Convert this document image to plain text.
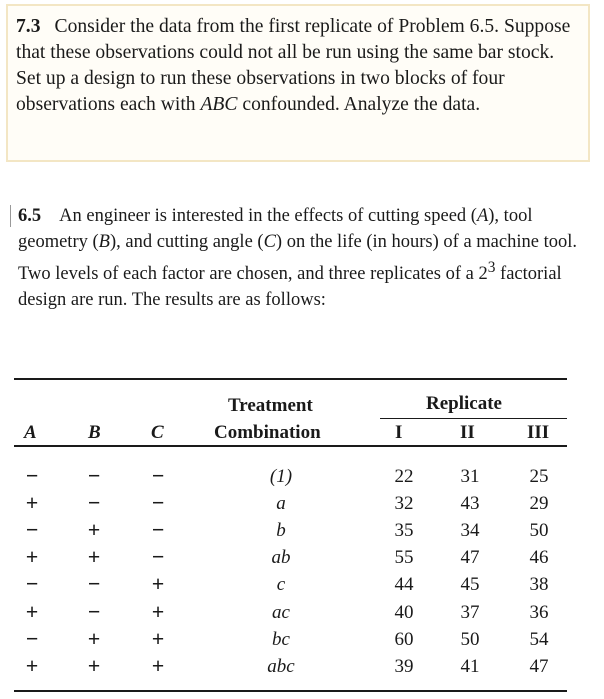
7.3 Consider the data from the first replicate of Problem 6.5. Suppose that these observations could not all be run using the same bar stock. Set up a design to run these observations in two blocks of four observations each with ABC confounded. Analyze the data.
6.5 An engineer is interested in the effects of cutting speed (A), tool geometry (B), and cutting angle (C) on the life (in hours) of a machine tool. Two levels of each factor are chosen, and three replicates of a $2^3$ factorial design are run. The results are as follows:
A	B	C
Treatment
Combination
Replicate
I	II	III
−	−	−	(1)	22	31	25
+	−	−	a	32	43	29
−	+	−	b	35	34	50
+	+	−	ab	55	47	46
−	−	+	c	44	45	38
+	−	+	ac	40	37	36
−	+	+	bc	60	50	54
+	+	+	abc	39	41	47
